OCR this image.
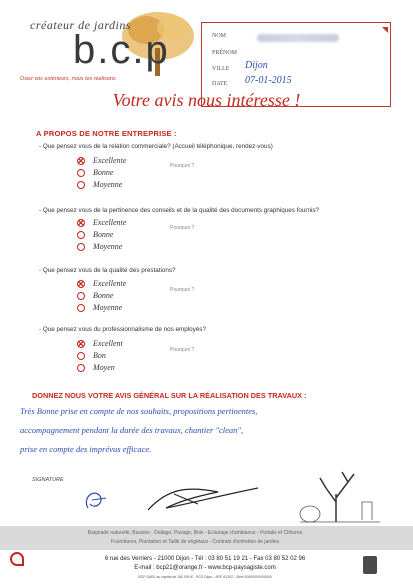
créateur de jardins
b.c.p
Osez vos extérieurs, nous les réalisons
NOM
PRÉNOM
VILLE Dijon
DATE 07-01-2015
Votre avis nous intéresse !
A PROPOS DE NOTRE ENTREPRISE :
- Que pensez vous de la relation commerciale? (Accueil téléphonique, rendez-vous)
✕ Excellente
Bonne
Moyenne
Pourquoi ?
- Que pensez vous de la pertinence des conseils et de la qualité des documents graphiques fournis?
✕ Excellente
Bonne
Moyenne
Pourquoi ?
- Que pensez vous de la qualité des prestations?
✕ Excellente
Bonne
Moyenne
Pourquoi ?
- Que pensez vous du professionnalisme de nos employés?
✕ Excellent
Bon
Moyen
Pourquoi ?
DONNEZ NOUS VOTRE AVIS GÉNÉRAL SUR LA RÉALISATION DES TRAVAUX :
Très Bonne prise en compte de nos souhaits, propositions pertinentes,
accompagnement pendant la durée des travaux, chantier "clean",
prise en compte des imprévus efficace.
SIGNATURE
Baignade naturelle, Bassins - Dallage, Pavage, Bois - Eclairage d'ambiance - Portails et Clôtures
Fournitures, Plantation et Taille de végétaux - Contrats d'entretien de jardins
6 rue des Verriers - 21000 Dijon - Tél : 03 80 51 19 21 - Fax 03 80 52 02 96
E-mail : bcp21@orange.fr - www.bcp-paysagiste.com
BCP SARL au capital de 150 000 € - RCS Dijon - APE 8130Z - Siret 00000000000000
